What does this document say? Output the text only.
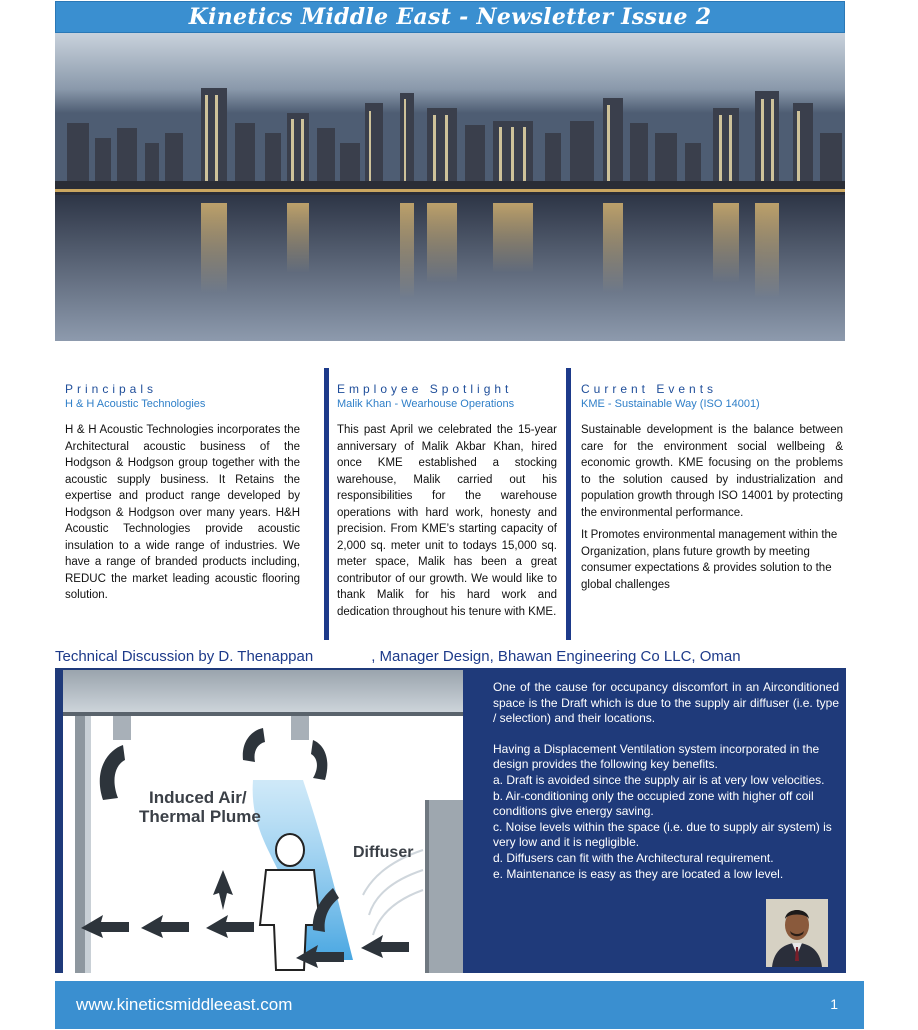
Kinetics Middle East - Newsletter Issue 2
Principals
H & H Acoustic Technologies

H & H Acoustic Technologies incorporates the Architectural acoustic business of the Hodgson & Hodgson group together with the acoustic supply business. It Retains the expertise and product range developed by Hodgson & Hodgson over many years. H&H Acoustic Technologies provide acoustic insulation to a wide range of industries. We have a range of branded products including, REDUC the market leading acoustic flooring solution.

Employee Spotlight
Malik Khan - Wearhouse Operations

This past April we celebrated the 15-year anniversary of Malik Akbar Khan, hired once KME established a stocking warehouse, Malik carried out his responsibilities for the warehouse operations with hard work, honesty and precision. From KME’s starting capacity of 2,000 sq. meter unit to todays 15,000 sq. meter space, Malik has been a great contributor of our growth. We would like to thank Malik for his hard work and dedication throughout his tenure with KME.

Current Events
KME - Sustainable Way (ISO 14001)

Sustainable development is the balance between care for the environment social wellbeing & economic growth. KME focusing on the problems to the solution caused by industrialization and population growth through ISO 14001 by protecting the environmental performance.

It Promotes environmental management within the Organization, plans future growth by meeting consumer expectations & provides solution to the global challenges

Technical Discussion by D. Thenappan	, Manager Design, Bhawan Engineering Co LLC, Oman
Induced Air/
Thermal Plume
Diffuser

One of the cause for occupancy discomfort in an Airconditioned space is the Draft which is due to the supply air diffuser (i.e. type / selection) and their locations.

Having a Displacement Ventilation system incorporated in the design provides the following key benefits.

a. Draft is avoided since the supply air is at very low velocities.

b. Air-conditioning only the occupied zone with higher off coil conditions give energy saving.

c. Noise levels within the space (i.e. due to supply air system) is very low and it is negligible.

d. Diffusers can fit with the Architectural requirement.

e. Maintenance is easy as they are located a low level.

www.kineticsmiddleeast.com	1
